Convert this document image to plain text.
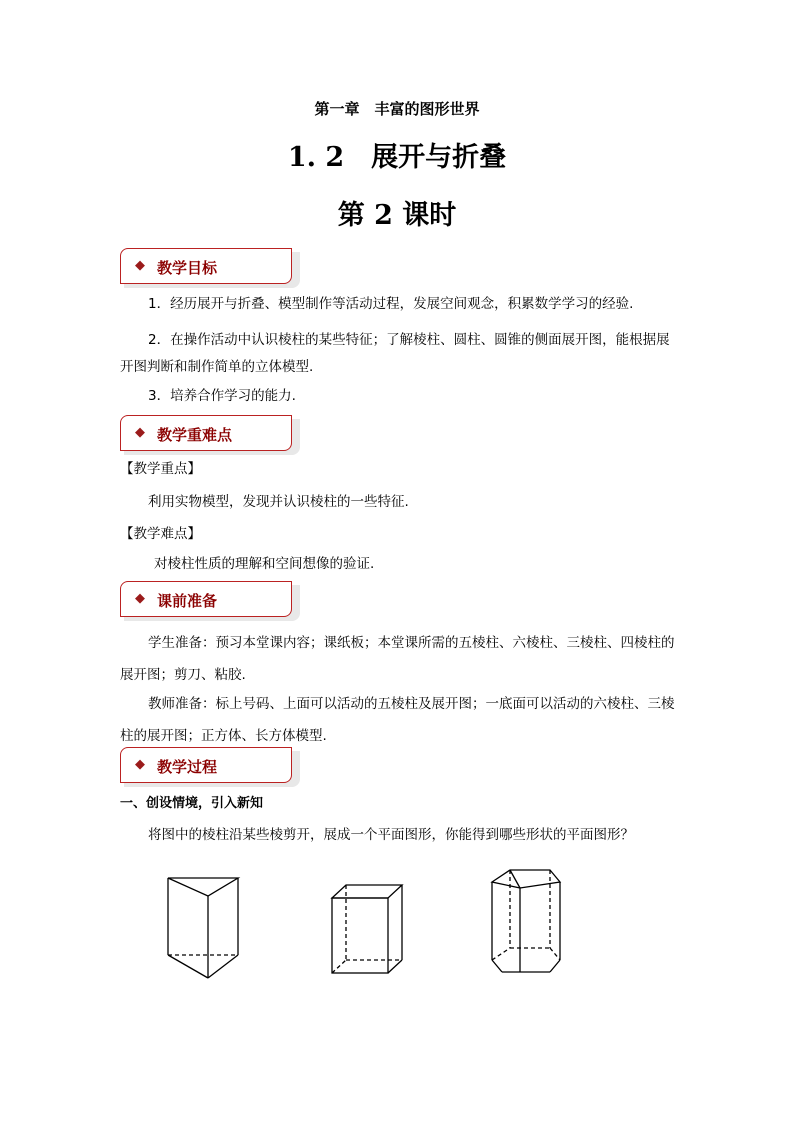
第一章　丰富的图形世界
1. 2　展开与折叠
第 2 课时
◆ 教学目标
1．经历展开与折叠、模型制作等活动过程，发展空间观念，积累数学学习的经验.
2．在操作活动中认识棱柱的某些特征；了解棱柱、圆柱、圆锥的侧面展开图，能根据展开图判断和制作简单的立体模型.
3．培养合作学习的能力.
◆ 教学重难点
【教学重点】
利用实物模型，发现并认识棱柱的一些特征.
【教学难点】
对棱柱性质的理解和空间想像的验证.
◆ 课前准备
学生准备：预习本堂课内容；课纸板；本堂课所需的五棱柱、六棱柱、三棱柱、四棱柱的展开图；剪刀、粘胶.
教师准备：标上号码、上面可以活动的五棱柱及展开图；一底面可以活动的六棱柱、三棱柱的展开图；正方体、长方体模型.
◆ 教学过程
一、创设情境，引入新知
将图中的棱柱沿某些棱剪开，展成一个平面图形，你能得到哪些形状的平面图形？
